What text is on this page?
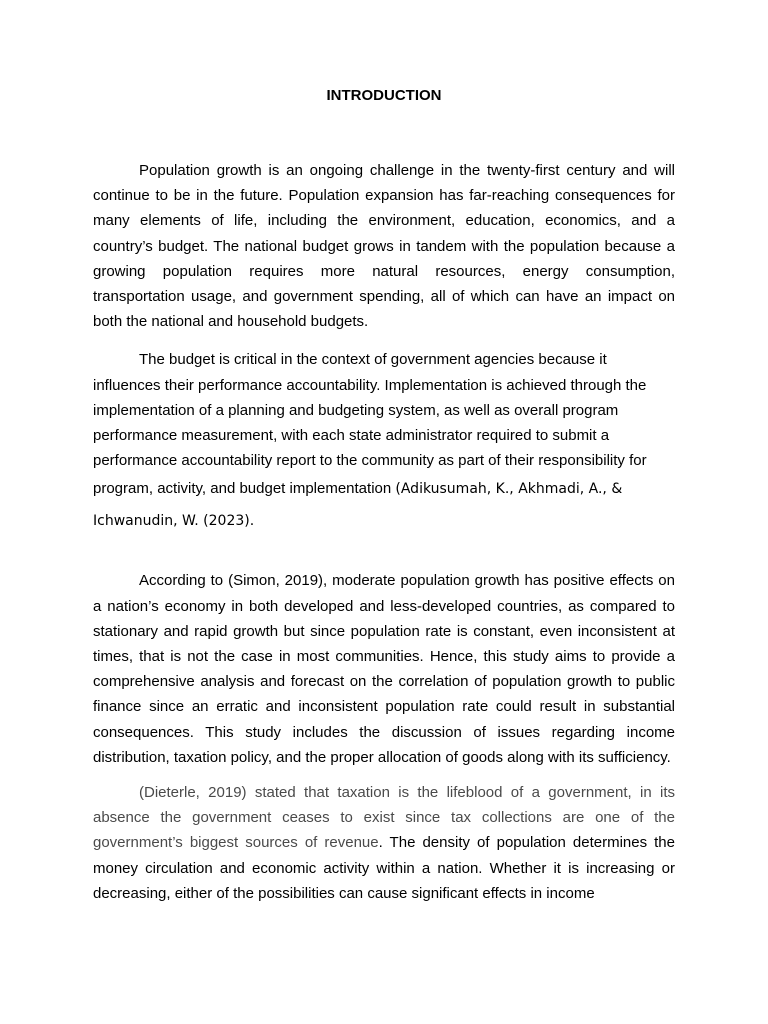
INTRODUCTION

Population growth is an ongoing challenge in the twenty-first century and will continue to be in the future. Population expansion has far-reaching consequences for many elements of life, including the environment, education, economics, and a country’s budget. The national budget grows in tandem with the population because a growing population requires more natural resources, energy consumption, transportation usage, and government spending, all of which can have an impact on both the national and household budgets.

The budget is critical in the context of government agencies because it influences their performance accountability. Implementation is achieved through the implementation of a planning and budgeting system, as well as overall program performance measurement, with each state administrator required to submit a performance accountability report to the community as part of their responsibility for program, activity, and budget implementation (Adikusumah, K., Akhmadi, A., & Ichwanudin, W. (2023).

According to (Simon, 2019), moderate population growth has positive effects on a nation’s economy in both developed and less-developed countries, as compared to stationary and rapid growth but since population rate is constant, even inconsistent at times, that is not the case in most communities. Hence, this study aims to provide a comprehensive analysis and forecast on the correlation of population growth to public finance since an erratic and inconsistent population rate could result in substantial consequences. This study includes the discussion of issues regarding income distribution, taxation policy, and the proper allocation of goods along with its sufficiency.

(Dieterle, 2019) stated that taxation is the lifeblood of a government, in its absence the government ceases to exist since tax collections are one of the government’s biggest sources of revenue. The density of population determines the money circulation and economic activity within a nation. Whether it is increasing or decreasing, either of the possibilities can cause significant effects in income
